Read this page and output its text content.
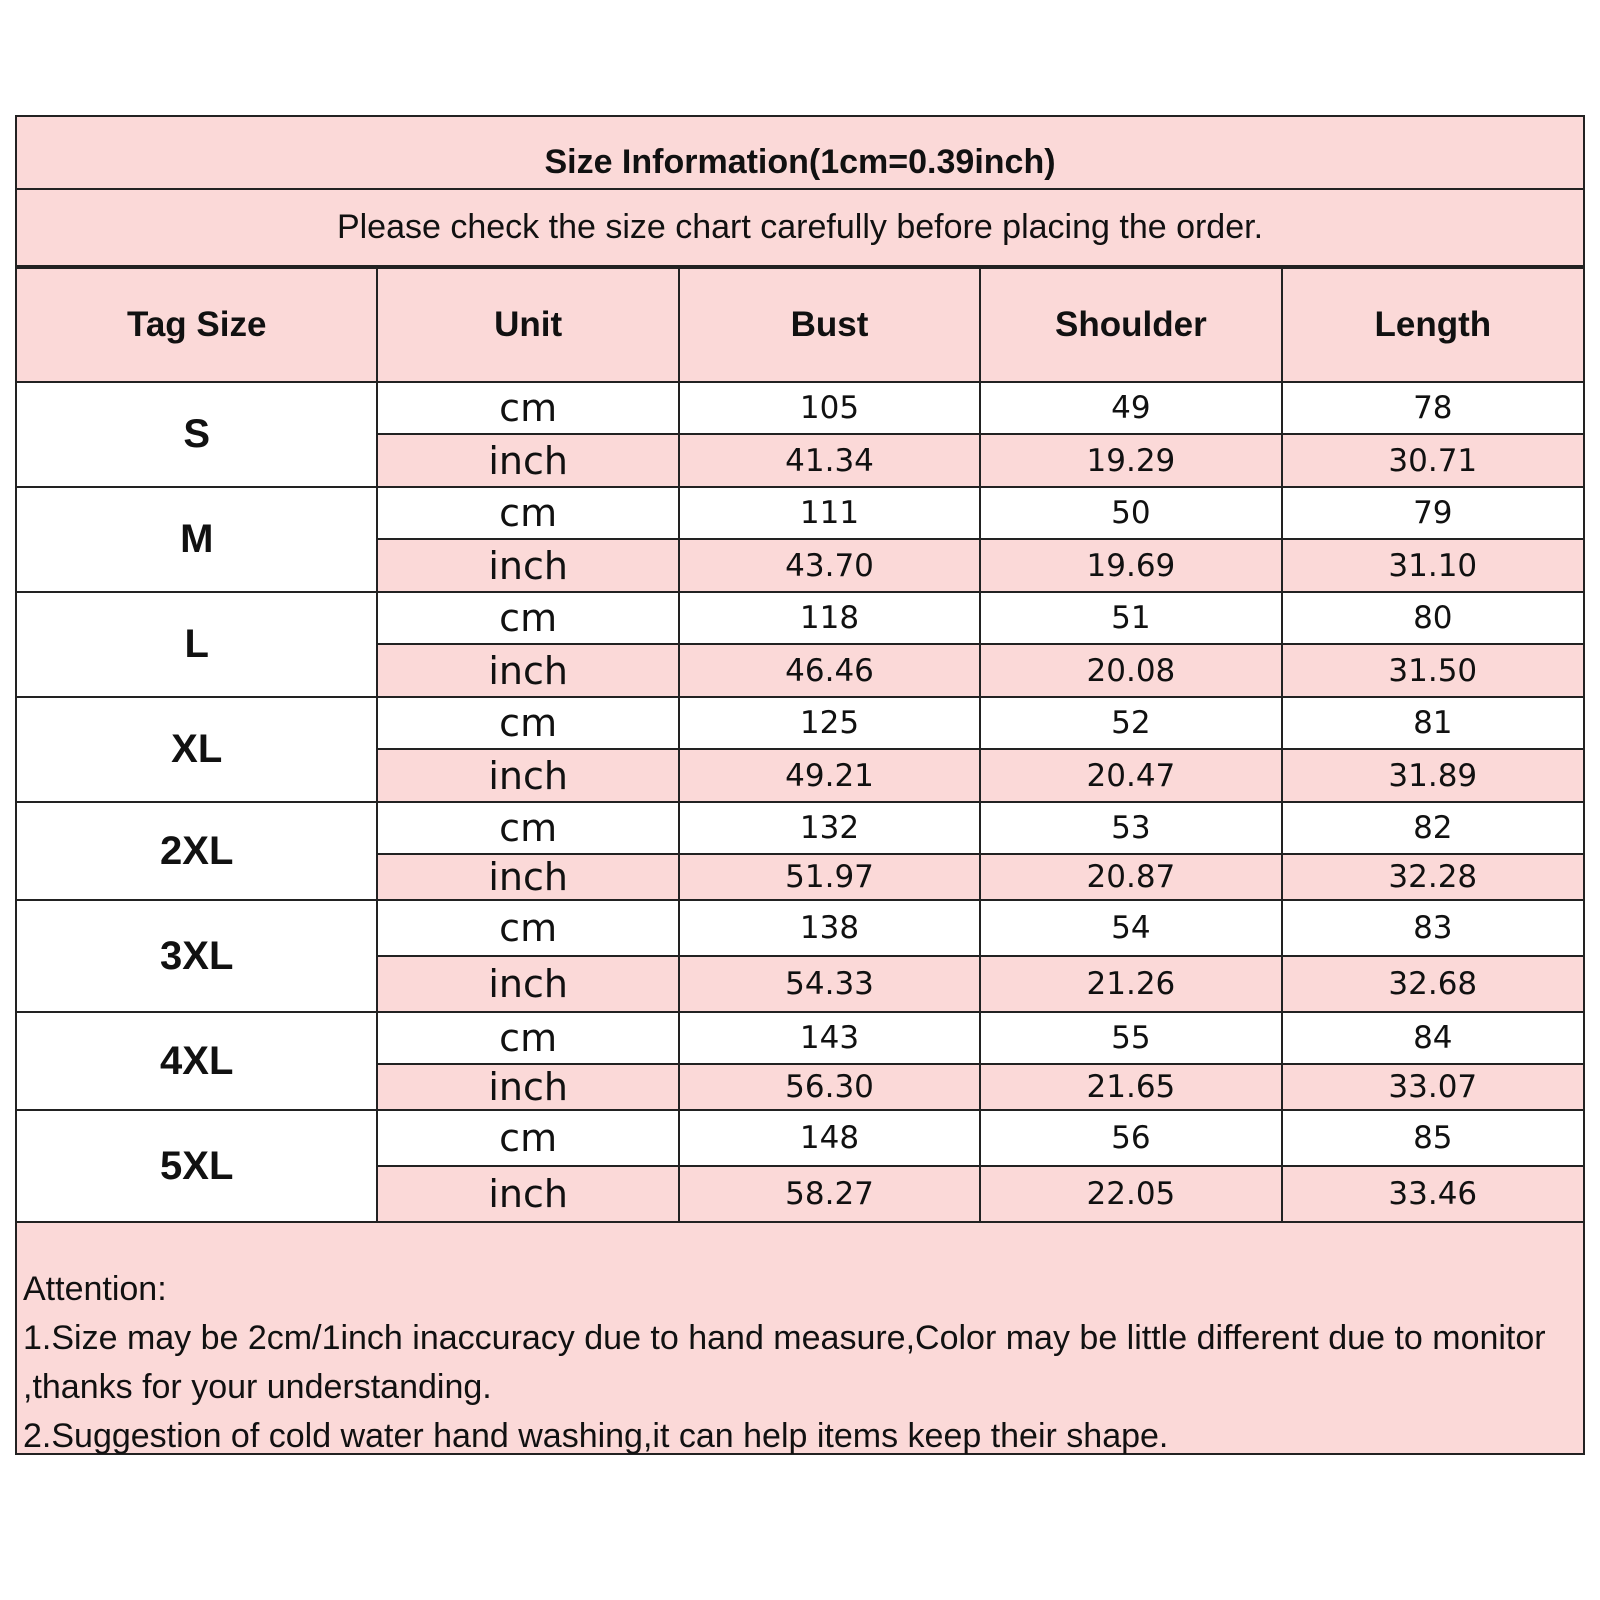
Size Information(1cm=0.39inch)
Please check the size chart carefully before placing the order.
Tag Size	Unit	Bust	Shoulder	Length
S	cm	105	49	78
	inch	41.34	19.29	30.71
M	cm	111	50	79
	inch	43.70	19.69	31.10
L	cm	118	51	80
	inch	46.46	20.08	31.50
XL	cm	125	52	81
	inch	49.21	20.47	31.89
2XL	cm	132	53	82
	inch	51.97	20.87	32.28
3XL	cm	138	54	83
	inch	54.33	21.26	32.68
4XL	cm	143	55	84
	inch	56.30	21.65	33.07
5XL	cm	148	56	85
	inch	58.27	22.05	33.46
Attention:
1.Size may be 2cm/1inch inaccuracy due to hand measure,Color may be little different due to monitor ,thanks for your understanding.
2.Suggestion of cold water hand washing,it can help items keep their shape.
